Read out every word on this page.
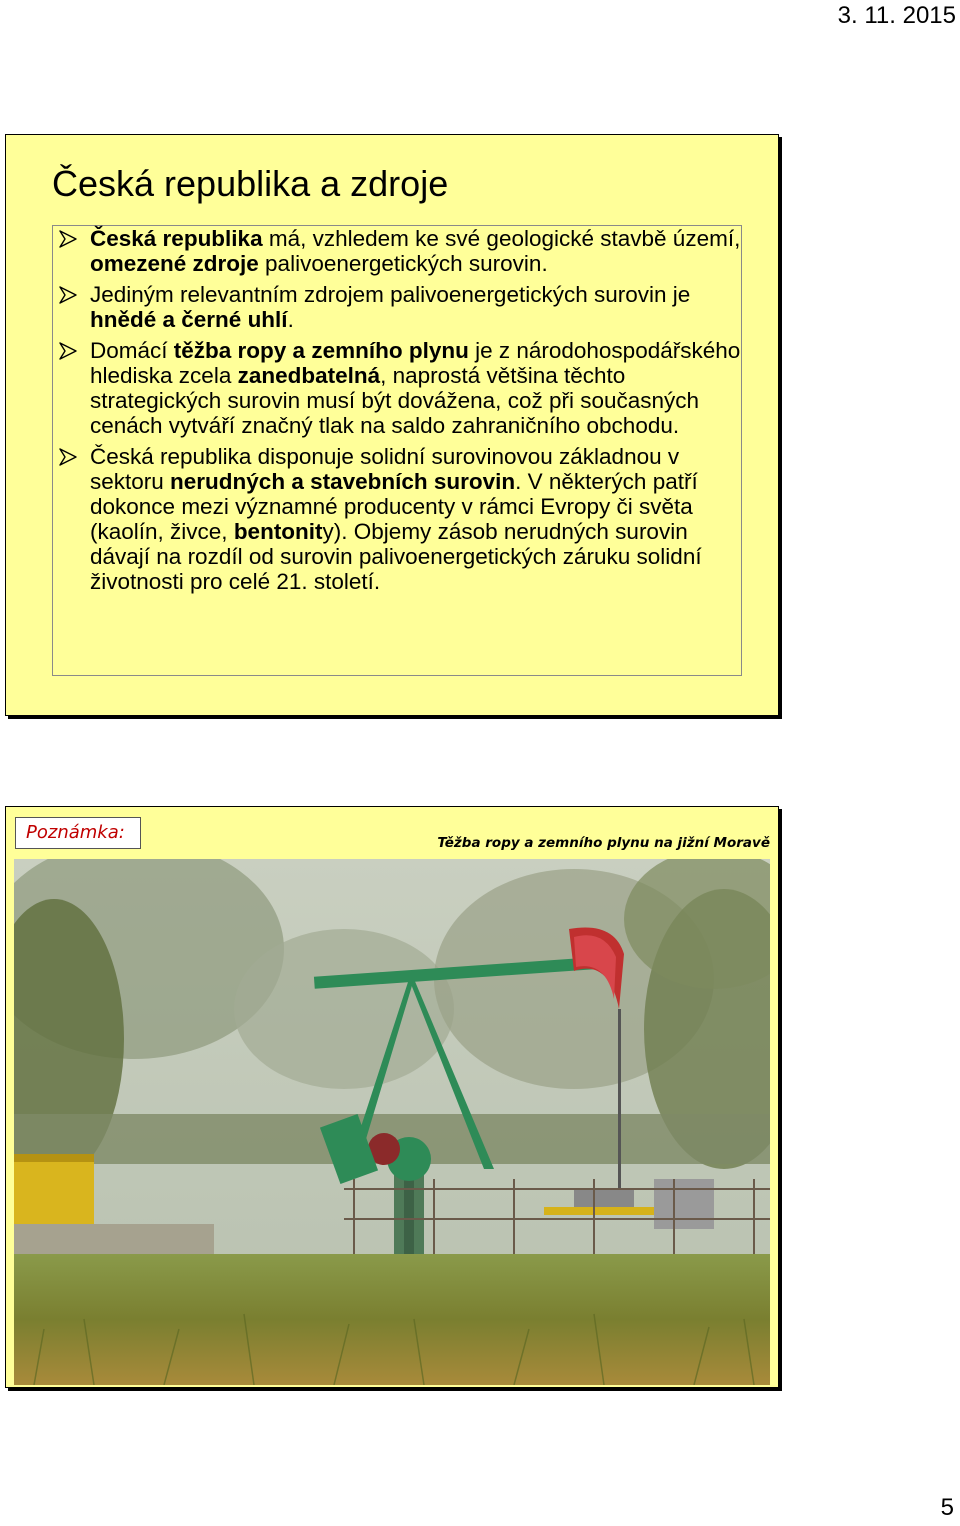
3. 11. 2015
Česká republika a zdroje
Česká republika má, vzhledem ke své geologické stavbě území, omezené zdroje palivoenergetických surovin.
Jediným relevantním zdrojem palivoenergetických surovin je hnědé a černé uhlí.
Domácí těžba ropy a zemního plynu je z národohospodářského hlediska zcela zanedbatelná, naprostá většina těchto strategických surovin musí být dovážena, což při současných cenách vytváří značný tlak na saldo zahraničního obchodu.
Česká republika disponuje solidní surovinovou základnou v sektoru nerudných a stavebních surovin. V některých patří dokonce mezi významné producenty v rámci Evropy či světa (kaolín, živce, bentonity). Objemy zásob nerudných surovin dávají na rozdíl od surovin palivoenergetických záruku solidní životnosti pro celé 21. století.
Poznámka:	Těžba ropy a zemního plynu na jižní Moravě
5
